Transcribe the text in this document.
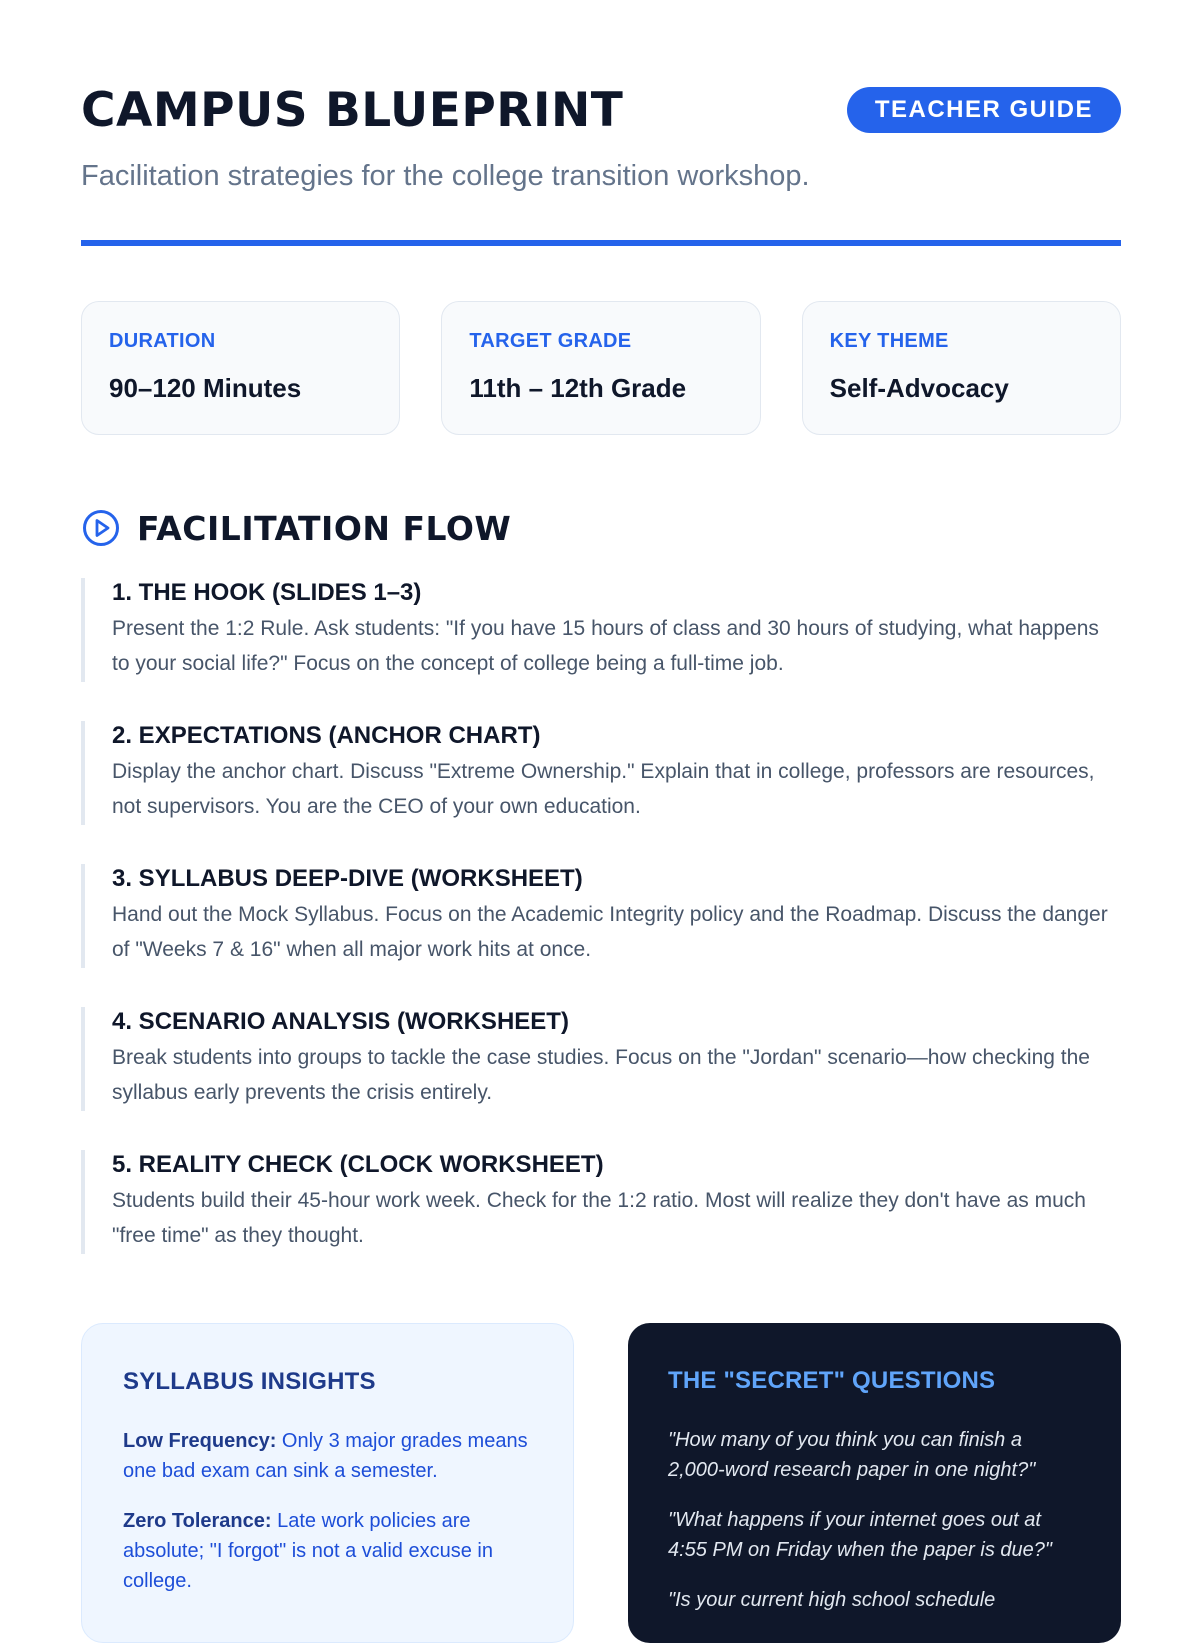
CAMPUS BLUEPRINT	TEACHER GUIDE
Facilitation strategies for the college transition workshop.
DURATION
90–120 Minutes
TARGET GRADE
11th – 12th Grade
KEY THEME
Self-Advocacy
FACILITATION FLOW
1. THE HOOK (SLIDES 1–3)
Present the 1:2 Rule. Ask students: "If you have 15 hours of class and 30 hours of studying, what happens to your social life?" Focus on the concept of college being a full-time job.
2. EXPECTATIONS (ANCHOR CHART)
Display the anchor chart. Discuss "Extreme Ownership." Explain that in college, professors are resources, not supervisors. You are the CEO of your own education.
3. SYLLABUS DEEP-DIVE (WORKSHEET)
Hand out the Mock Syllabus. Focus on the Academic Integrity policy and the Roadmap. Discuss the danger of "Weeks 7 & 16" when all major work hits at once.
4. SCENARIO ANALYSIS (WORKSHEET)
Break students into groups to tackle the case studies. Focus on the "Jordan" scenario—how checking the syllabus early prevents the crisis entirely.
5. REALITY CHECK (CLOCK WORKSHEET)
Students build their 45-hour work week. Check for the 1:2 ratio. Most will realize they don't have as much "free time" as they thought.
SYLLABUS INSIGHTS
Low Frequency: Only 3 major grades means one bad exam can sink a semester.
Zero Tolerance: Late work policies are absolute; "I forgot" is not a valid excuse in college.
THE "SECRET" QUESTIONS
"How many of you think you can finish a 2,000-word research paper in one night?"
"What happens if your internet goes out at 4:55 PM on Friday when the paper is due?"
"Is your current high school schedule
